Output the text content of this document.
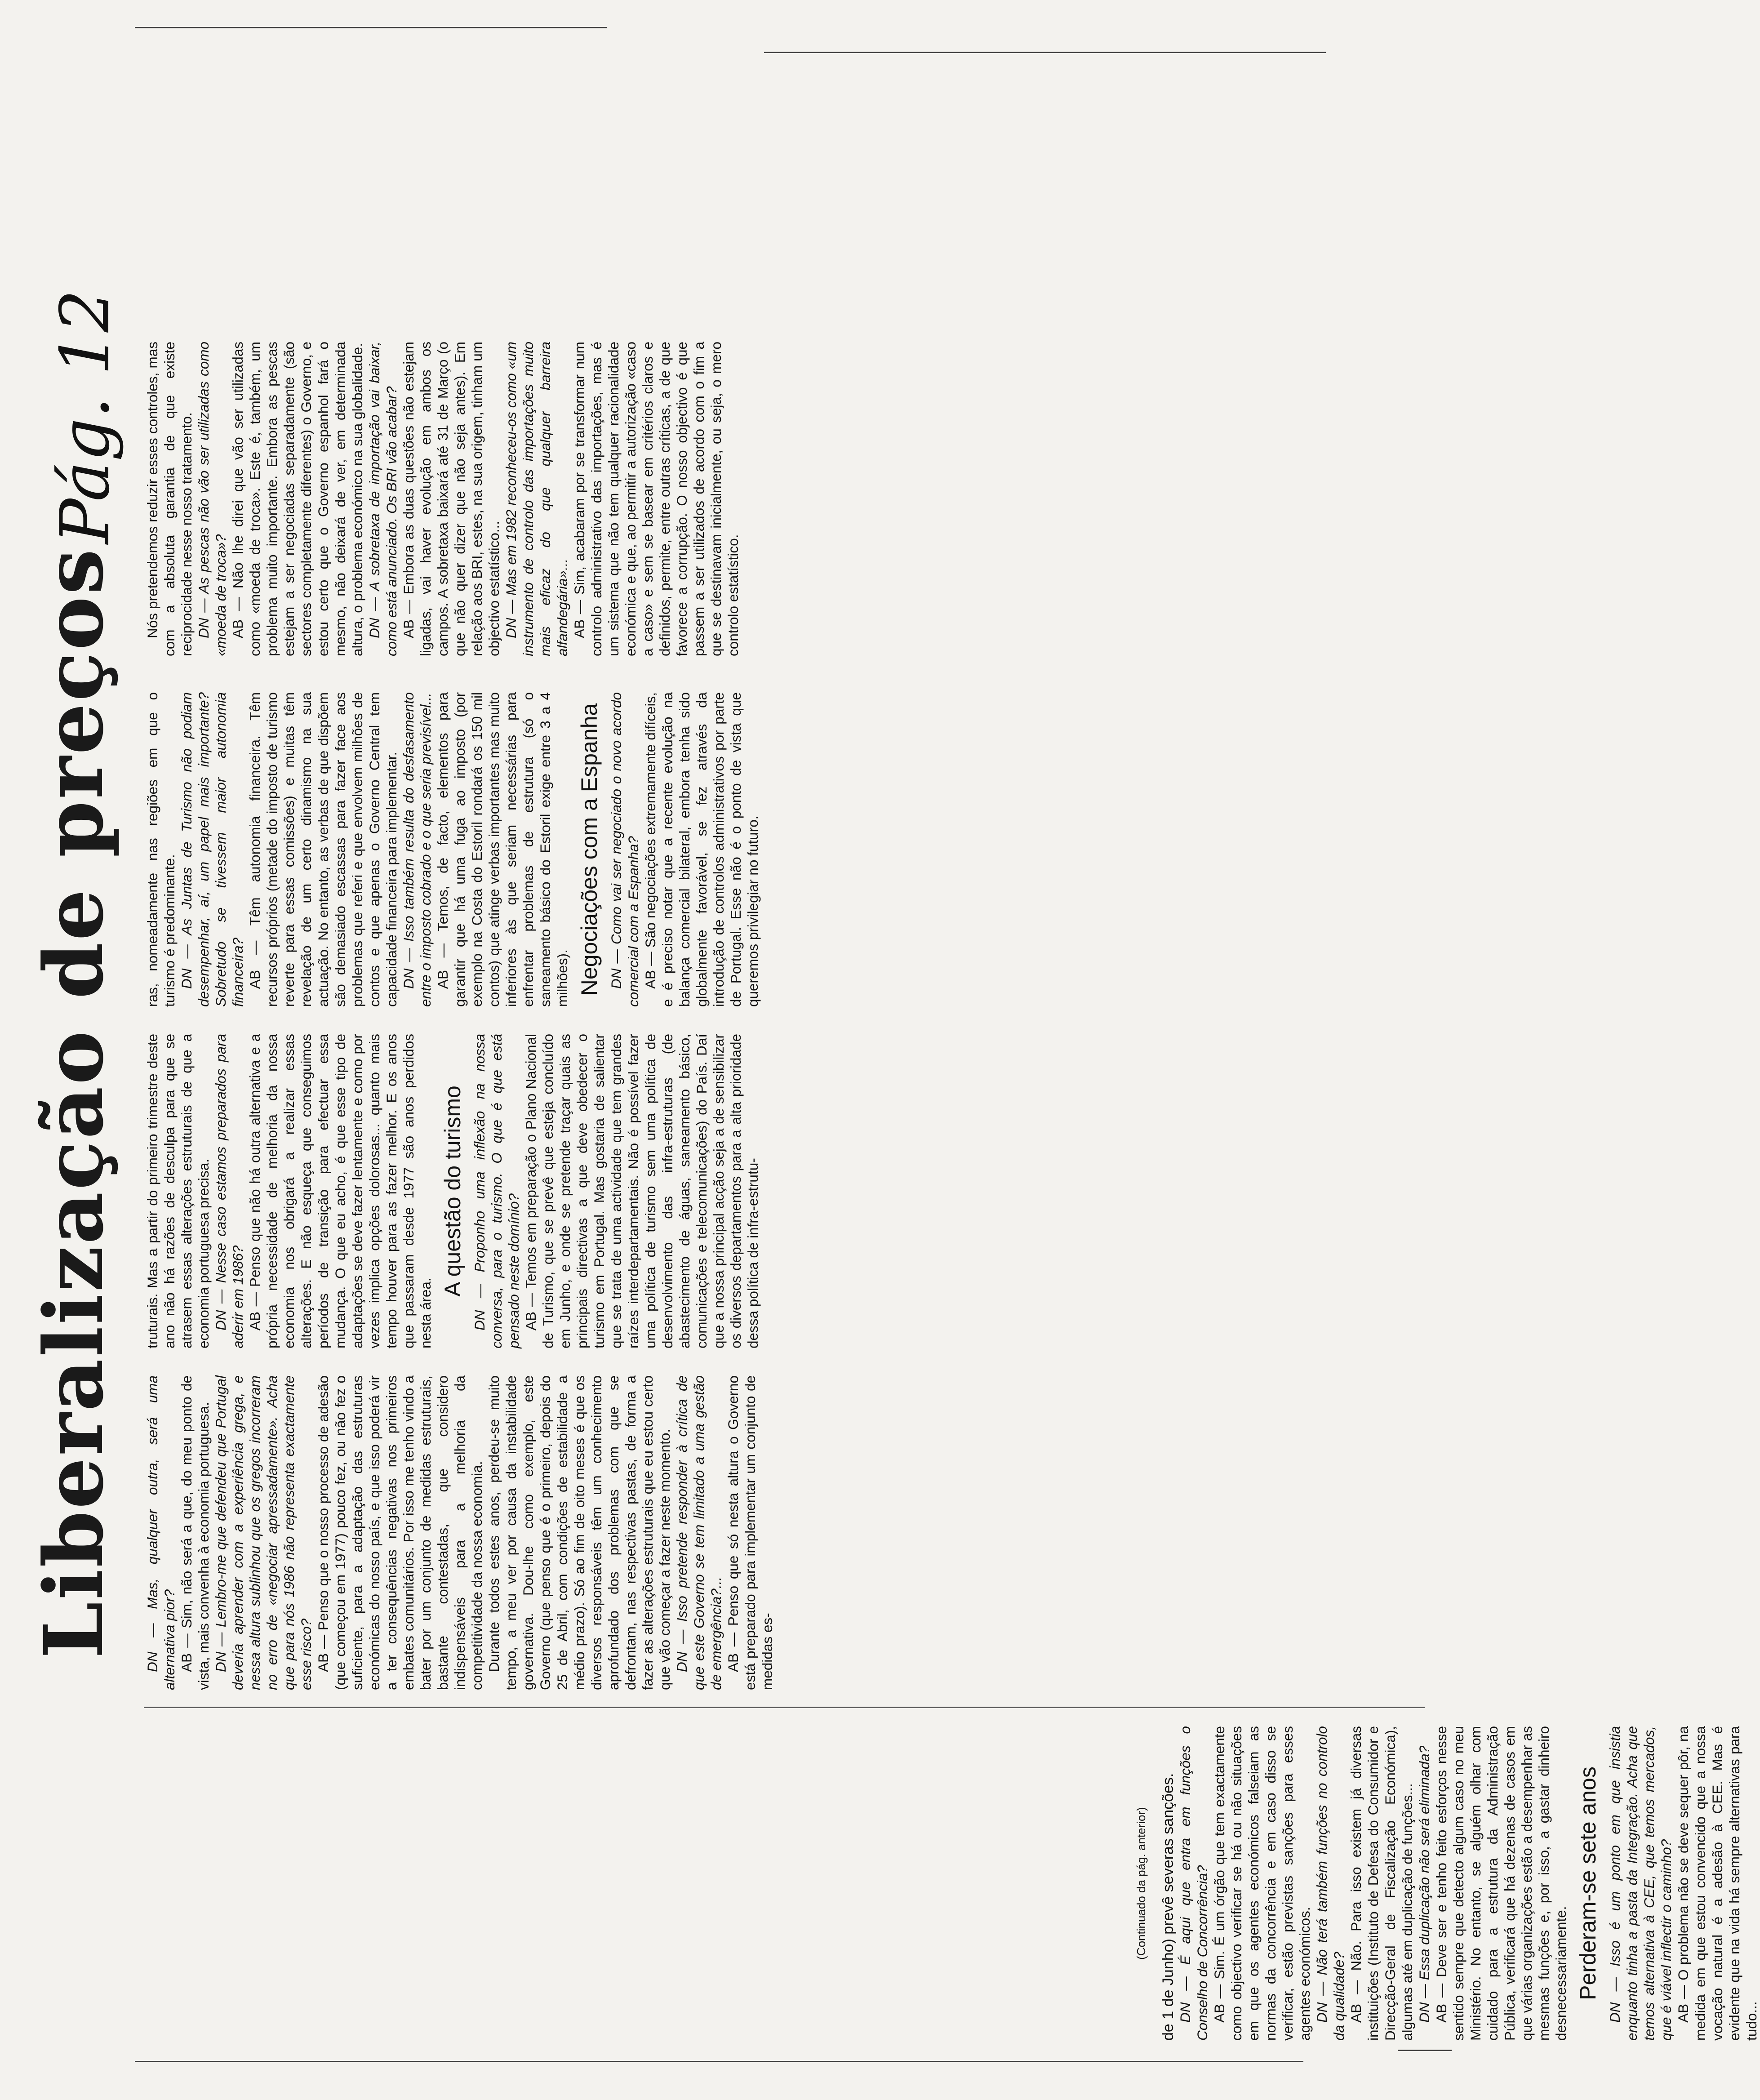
Liberalização de preços
Pág. 12
(Continuado da pág. anterior) de 1 de Junho) prevê severas sanções. DN — É aqui que entra em funções o Conselho de Concorrência? AB — Sim. É um órgão que tem exactamente como objectivo verificar se há ou não situações em que os agentes económicos falseiam as normas da concorrência e em caso disso se verificar, estão previstas sanções para esses agentes económicos. DN — Não terá também funções no controlo da qualidade? AB — Não. Para isso existem já diversas instituições (Instituto de Defesa do Consumidor e Direcção-Geral de Fiscalização Económica), algumas até em duplicação de funções... DN — Essa duplicação não será eliminada? AB — Deve ser e tenho feito esforços nesse sentido sempre que detecto algum caso no meu Ministério. No entanto, se alguém olhar com cuidado para a estrutura da Administração Pública, verificará que há dezenas de casos em que várias organizações estão a desempenhar as mesmas funções e, por isso, a gastar dinheiro desnecessariamente. Perderam-se sete anos DN — Isso é um ponto em que insistia enquanto tinha a pasta da Integração. Acha que temos alternativa à CEE, que temos mercados, que é viável inflectir o caminho? AB — O problema não se deve sequer pôr, na medida em que estou convencido que a nossa vocação natural é a adesão à CEE. Mas é evidente que na vida há sempre alternativas para tudo...

DN — Mas, qualquer outra, será uma alternativa pior? AB — Sim, não será a que, do meu ponto de vista, mais convenha à economia portuguesa. DN — Lembro-me que defendeu que Portugal deveria aprender com a experiência grega, e nessa altura sublinhou que os gregos incorreram no erro de «negociar apressadamente». Acha que para nós 1986 não representa exactamente esse risco? AB — Penso que o nosso processo de adesão (que começou em 1977) pouco fez, ou não fez o suficiente, para a adaptação das estruturas económicas do nosso país, e que isso poderá vir a ter consequências negativas nos primeiros embates comunitários. Por isso me tenho vindo a bater por um conjunto de medidas estruturais, bastante contestadas, que considero indispensáveis para a melhoria da competitividade da nossa economia. Durante todos estes anos, perdeu-se muito tempo, a meu ver por causa da instabilidade governativa. Dou-lhe como exemplo, este Governo (que penso que é o primeiro, depois do 25 de Abril, com condições de estabilidade a médio prazo). Só ao fim de oito meses é que os diversos responsáveis têm um conhecimento aprofundado dos problemas com que se defrontam, nas respectivas pastas, de forma a fazer as alterações estruturais que eu estou certo que vão começar a fazer neste momento. DN — Isso pretende responder à crítica de que este Governo se tem limitado a uma gestão de emergência?... AB — Penso que só nesta altura o Governo está preparado para implementar um conjunto de medidas es-

truturais. Mas a partir do primeiro trimestre deste ano não há razões de desculpa para que se atrasem essas alterações estruturais de que a economia portuguesa precisa. DN — Nesse caso estamos preparados para aderir em 1986? AB — Penso que não há outra alternativa e a própria necessidade de melhoria da nossa economia nos obrigará a realizar essas alterações. E não esqueça que conseguimos períodos de transição para efectuar essa mudança. O que eu acho, é que esse tipo de adaptações se deve fazer lentamente e como por vezes implica opções dolorosas... quanto mais tempo houver para as fazer melhor. E os anos que passaram desde 1977 são anos perdidos nesta área.

A questão do turismo DN — Proponho uma inflexão na nossa conversa, para o turismo. O que é que está pensado neste domínio? AB — Temos em preparação o Plano Nacional de Turismo, que se prevê que esteja concluído em Junho, e onde se pretende traçar quais as principais directivas a que deve obedecer o turismo em Portugal. Mas gostaria de salientar que se trata de uma actividade que tem grandes raízes interdepartamentais. Não é possível fazer uma política de turismo sem uma política de desenvolvimento das infra-estruturas (de abastecimento de águas, saneamento básico, comunicações e telecomunicações) do País. Daí que a nossa principal acção seja a de sensibilizar os diversos departamentos para a alta prioridade dessa política de infra-estrutu-

ras, nomeadamente nas regiões em que o turismo é predominante. DN — As Juntas de Turismo não podiam desempenhar, aí, um papel mais importante? Sobretudo se tivessem maior autonomia financeira? AB — Têm autonomia financeira. Têm recursos próprios (metade do imposto de turismo reverte para essas comissões) e muitas têm revelação de um certo dinamismo na sua actuação. No entanto, as verbas de que dispõem são demasiado escassas para fazer face aos problemas que referi e que envolvem milhões de contos e que apenas o Governo Central tem capacidade financeira para implementar. DN — Isso também resulta do desfasamento entre o imposto cobrado e o que seria previsível... AB — Temos, de facto, elementos para garantir que há uma fuga ao imposto (por exemplo na Costa do Estoril rondará os 150 mil contos) que atinge verbas importantes mas muito inferiores às que seriam necessárias para enfrentar problemas de estrutura (só o saneamento básico do Estoril exige entre 3 a 4 milhões). Negociações com a Espanha DN — Como vai ser negociado o novo acordo comercial com a Espanha? AB — São negociações extremamente difíceis, e é preciso notar que a recente evolução na balança comercial bilateral, embora tenha sido globalmente favorável, se fez através da introdução de controlos administrativos por parte de Portugal. Esse não é o ponto de vista que queremos privilegiar no futuro.

Nós pretendemos reduzir esses controles, mas com a absoluta garantia de que existe reciprocidade nesse nosso tratamento. DN — As pescas não vão ser utilizadas como «moeda de troca»? AB — Não lhe direi que vão ser utilizadas como «moeda de troca». Este é, também, um problema muito importante. Embora as pescas estejam a ser negociadas separadamente (são sectores completamente diferentes) o Governo, e estou certo que o Governo espanhol fará o mesmo, não deixará de ver, em determinada altura, o problema económico na sua globalidade. DN — A sobretaxa de importação vai baixar, como está anunciado. Os BRI vão acabar? AB — Embora as duas questões não estejam ligadas, vai haver evolução em ambos os campos. A sobretaxa baixará até 31 de Março (o que não quer dizer que não seja antes). Em relação aos BRI, estes, na sua origem, tinham um objectivo estatístico... DN — Mas em 1982 reconheceu-os como «um instrumento de controlo das importações muito mais eficaz do que qualquer barreira alfandegária»... AB — Sim, acabaram por se transformar num controlo administrativo das importações, mas é um sistema que não tem qualquer racionalidade económica e que, ao permitir a autorização «caso a caso» e sem se basear em critérios claros e definidos, permite, entre outras críticas, a de que favorece a corrupção. O nosso objectivo é que passem a ser utilizados de acordo com o fim a que se destinavam inicialmente, ou seja, o mero controlo estatístico.
